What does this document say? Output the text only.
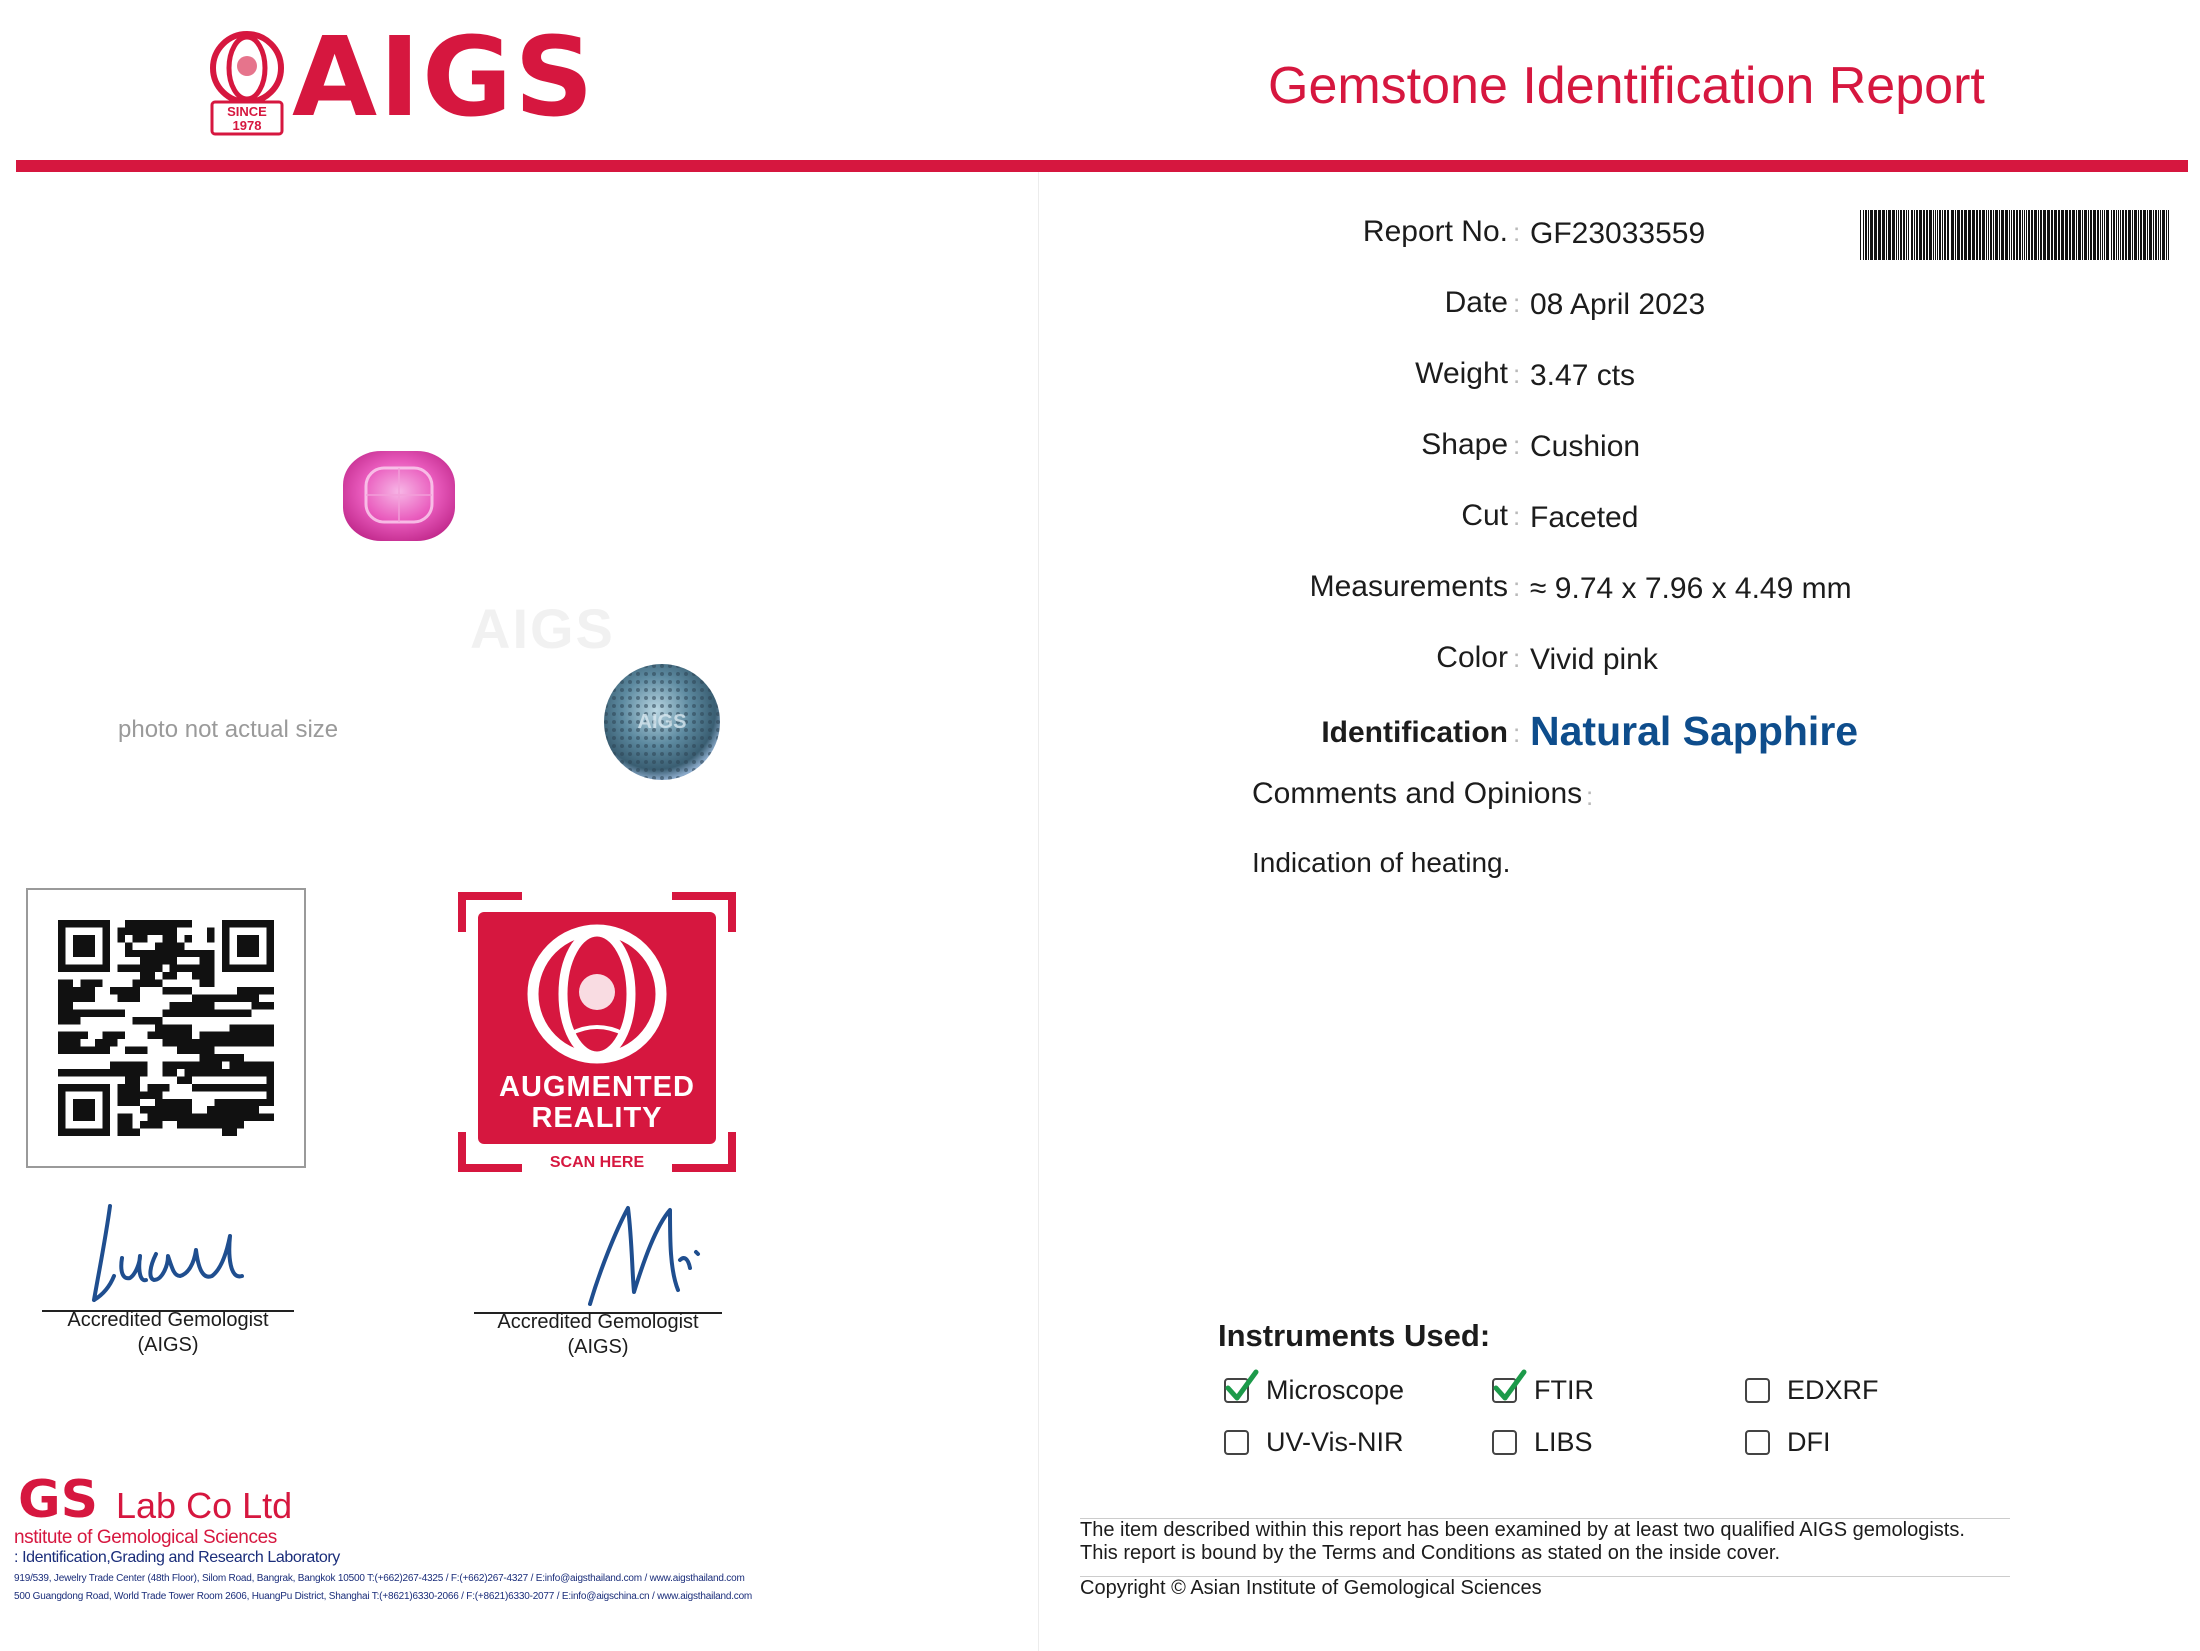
SINCE
1978 AIGS	Gemstone Identification Report
AIGS
photo not actual size	AIGS
AUGMENTED
REALITY
SCAN HERE
Accredited Gemologist
(AIGS)
Accredited Gemologist
(AIGS)
GS Lab Co Ltd
nstitute of Gemological Sciences
: Identification,Grading and Research Laboratory
919/539, Jewelry Trade Center (48th Floor), Silom Road, Bangrak, Bangkok 10500 T:(+662)267-4325 / F:(+662)267-4327 / E:info@aigsthailand.com / www.aigsthailand.com
500 Guangdong Road, World Trade Tower Room 2606, HuangPu District, Shanghai T:(+8621)6330-2066 / F:(+8621)6330-2077 / E:info@aigschina.cn / www.aigsthailand.com
Report No. : GF23033559
Date : 08 April 2023
Weight : 3.47 cts
Shape : Cushion
Cut : Faceted
Measurements : ≈ 9.74 x 7.96 x 4.49 mm
Color : Vivid pink
Identification : Natural Sapphire
Comments and Opinions :
Indication of heating.
Instruments Used:
Microscope	FTIR	EDXRF
UV-Vis-NIR	LIBS	DFI
The item described within this report has been examined by at least two qualified AIGS gemologists.
This report is bound by the Terms and Conditions as stated on the inside cover.
Copyright © Asian Institute of Gemological Sciences
